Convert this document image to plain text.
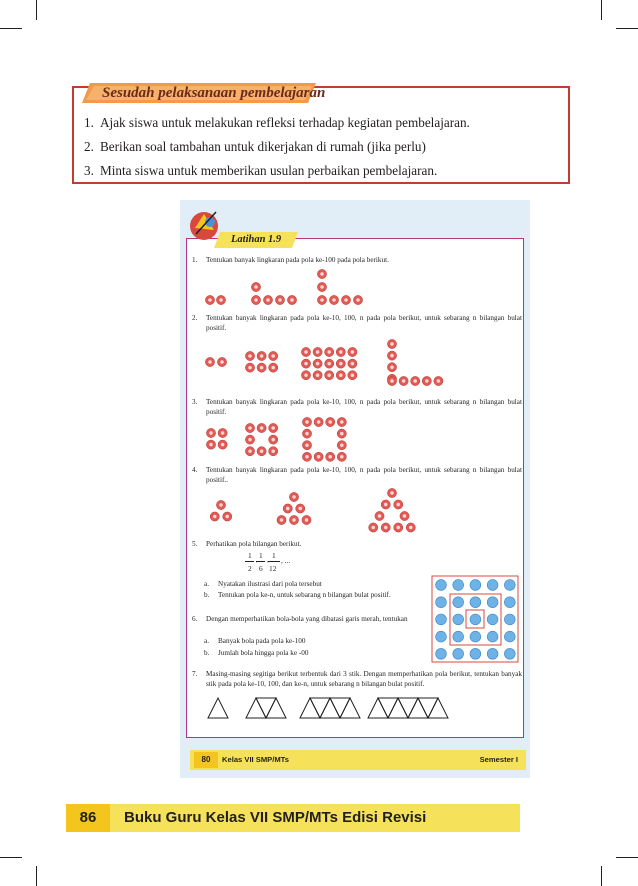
Sesudah pelaksanaan pembelajaran
1. Ajak siswa untuk melakukan refleksi terhadap kegiatan pembelajaran.
2. Berikan soal tambahan untuk dikerjakan di rumah (jika perlu)
3. Minta siswa untuk memberikan usulan perbaikan pembelajaran.
Latihan 1.9
1. Tentukan banyak lingkaran pada pola ke-100 pada pola berikut.
2. Tentukan banyak lingkaran pada pola ke-10, 100, n pada pola berikut, untuk sebarang n bilangan bulat positif.
3. Tentukan banyak lingkaran pada pola ke-10, 100, n pada pola berikut, untuk sebarang n bilangan bulat positif.
4. Tentukan banyak lingkaran pada pola ke-10, 100, n pada pola berikut, untuk sebarang n bilangan bulat positif..
5. Perhatikan pola bilangan berikut.
1
2
, 1
6
, 1
12
, ...
a. Nyatakan ilustrasi dari pola tersebut
b. Tentukan pola ke-n, untuk sebarang n bilangan bulat positif.
6. Dengan memperhatikan bola-bola yang dibatasi garis merah, tentukan
a. Banyak bola pada pola ke-100
b. Jumlah bola hingga pola ke -00
7. Masing-masing segitiga berikut terbentuk dari 3 stik. Dengan memperhatikan pola berikut, tentukan banyak stik pada pola ke-10, 100, dan ke-n, untuk sebarang n bilangan bulat positif.
80	Kelas VII SMP/MTs	Semester I
86	Buku Guru Kelas VII SMP/MTs Edisi Revisi
